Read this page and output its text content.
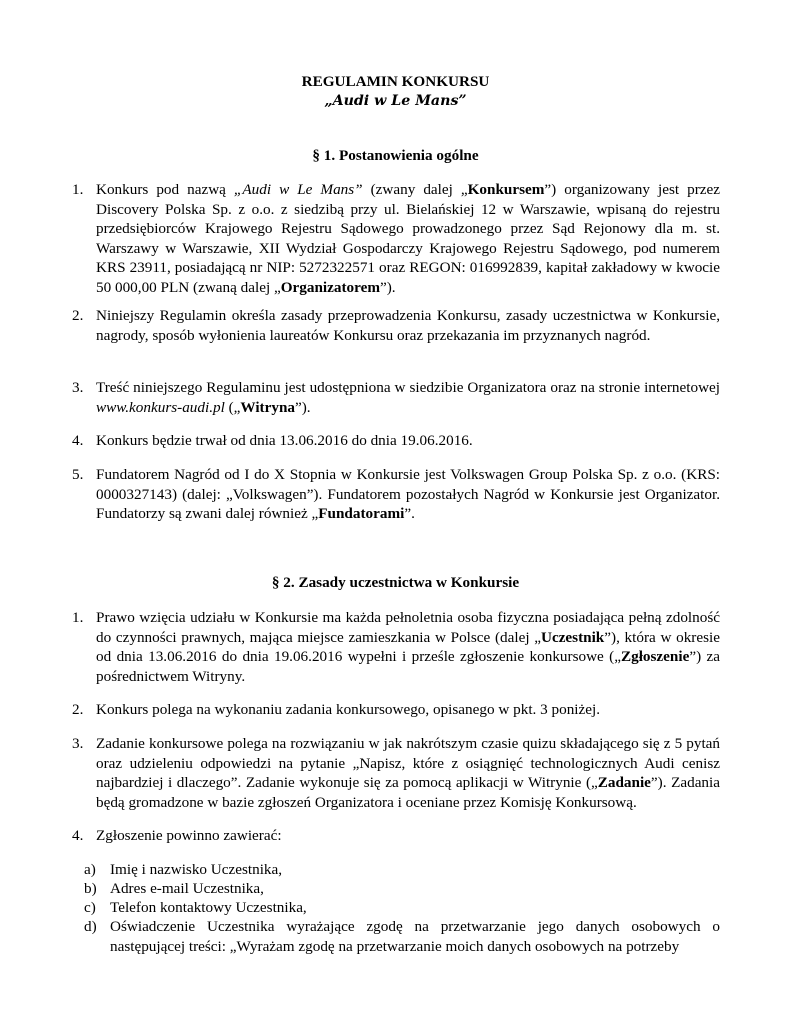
REGULAMIN KONKURSU
„Audi w Le Mans”
§ 1. Postanowienia ogólne
1. Konkurs pod nazwą „Audi w Le Mans” (zwany dalej „Konkursem”) organizowany jest przez Discovery Polska Sp. z o.o. z siedzibą przy ul. Bielańskiej 12 w Warszawie, wpisaną do rejestru przedsiębiorców Krajowego Rejestru Sądowego prowadzonego przez Sąd Rejonowy dla m. st. Warszawy w Warszawie, XII Wydział Gospodarczy Krajowego Rejestru Sądowego, pod numerem KRS 23911, posiadającą nr NIP: 5272322571 oraz REGON: 016992839, kapitał zakładowy w kwocie 50 000,00 PLN (zwaną dalej „Organizatorem”).
2. Niniejszy Regulamin określa zasady przeprowadzenia Konkursu, zasady uczestnictwa w Konkursie, nagrody, sposób wyłonienia laureatów Konkursu oraz przekazania im przyznanych nagród.
3. Treść niniejszego Regulaminu jest udostępniona w siedzibie Organizatora oraz na stronie internetowej www.konkurs-audi.pl („Witryna”).
4. Konkurs będzie trwał od dnia 13.06.2016 do dnia 19.06.2016.
5. Fundatorem Nagród od I do X Stopnia w Konkursie jest Volkswagen Group Polska Sp. z o.o. (KRS: 0000327143) (dalej: „Volkswagen”). Fundatorem pozostałych Nagród w Konkursie jest Organizator. Fundatorzy są zwani dalej również „Fundatorami”.
§ 2. Zasady uczestnictwa w Konkursie
1. Prawo wzięcia udziału w Konkursie ma każda pełnoletnia osoba fizyczna posiadająca pełną zdolność do czynności prawnych, mająca miejsce zamieszkania w Polsce (dalej „Uczestnik”), która w okresie od dnia 13.06.2016 do dnia 19.06.2016 wypełni i prześle zgłoszenie konkursowe („Zgłoszenie”) za pośrednictwem Witryny.
2. Konkurs polega na wykonaniu zadania konkursowego, opisanego w pkt. 3 poniżej.
3. Zadanie konkursowe polega na rozwiązaniu w jak nakrótszym czasie quizu składającego się z 5 pytań oraz udzieleniu odpowiedzi na pytanie „Napisz, które z osiągnięć technologicznych Audi cenisz najbardziej i dlaczego”. Zadanie wykonuje się za pomocą aplikacji w Witrynie („Zadanie”). Zadania będą gromadzone w bazie zgłoszeń Organizatora i oceniane przez Komisję Konkursową.
4. Zgłoszenie powinno zawierać:
a) Imię i nazwisko Uczestnika,
b) Adres e-mail Uczestnika,
c) Telefon kontaktowy Uczestnika,
d) Oświadczenie Uczestnika wyrażające zgodę na przetwarzanie jego danych osobowych o następującej treści: „Wyrażam zgodę na przetwarzanie moich danych osobowych na potrzeby
